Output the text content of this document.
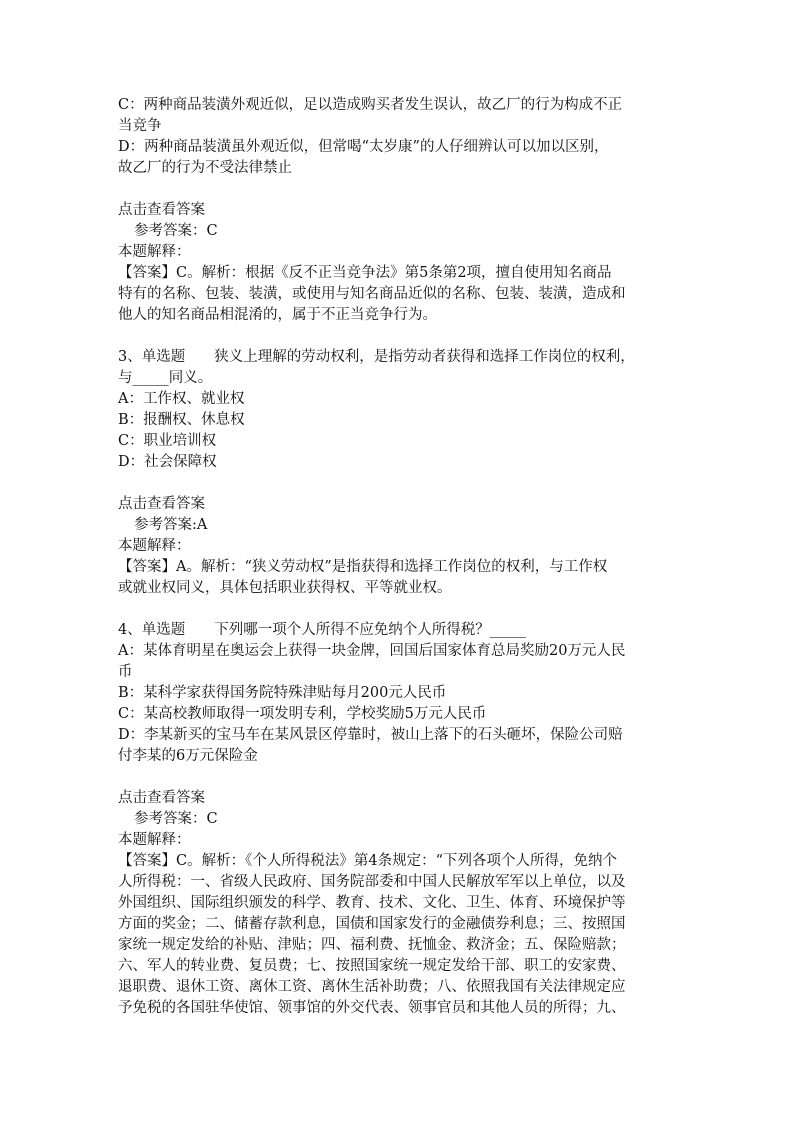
C：两种商品装潢外观近似，足以造成购买者发生误认，故乙厂的行为构成不正
当竞争
D：两种商品装潢虽外观近似，但常喝“太岁康”的人仔细辨认可以加以区别，
故乙厂的行为不受法律禁止
点击查看答案
参考答案：C
本题解释：
【答案】C。解析：根据《反不正当竞争法》第5条第2项，擅自使用知名商品
特有的名称、包装、装潢，或使用与知名商品近似的名称、包装、装潢，造成和
他人的知名商品相混淆的，属于不正当竞争行为。
3、单选题　　狭义上理解的劳动权利，是指劳动者获得和选择工作岗位的权利，
与_____同义。
A：工作权、就业权
B：报酬权、休息权
C：职业培训权
D：社会保障权
点击查看答案
参考答案:A
本题解释：
【答案】A。解析：“狭义劳动权”是指获得和选择工作岗位的权利，与工作权
或就业权同义，具体包括职业获得权、平等就业权。
4、单选题　　下列哪一项个人所得不应免纳个人所得税？_____
A：某体育明星在奥运会上获得一块金牌，回国后国家体育总局奖励20万元人民
币
B：某科学家获得国务院特殊津贴每月200元人民币
C：某高校教师取得一项发明专利，学校奖励5万元人民币
D：李某新买的宝马车在某风景区停靠时，被山上落下的石头砸坏，保险公司赔
付李某的6万元保险金
点击查看答案
参考答案：C
本题解释：
【答案】C。解析：《个人所得税法》第4条规定：“下列各项个人所得，免纳个
人所得税：一、省级人民政府、国务院部委和中国人民解放军军以上单位，以及
外国组织、国际组织颁发的科学、教育、技术、文化、卫生、体育、环境保护等
方面的奖金；二、储蓄存款利息，国债和国家发行的金融债券利息；三、按照国
家统一规定发给的补贴、津贴；四、福利费、抚恤金、救济金；五、保险赔款；
六、军人的转业费、复员费；七、按照国家统一规定发给干部、职工的安家费、
退职费、退休工资、离休工资、离休生活补助费；八、依照我国有关法律规定应
予免税的各国驻华使馆、领事馆的外交代表、领事官员和其他人员的所得；九、
